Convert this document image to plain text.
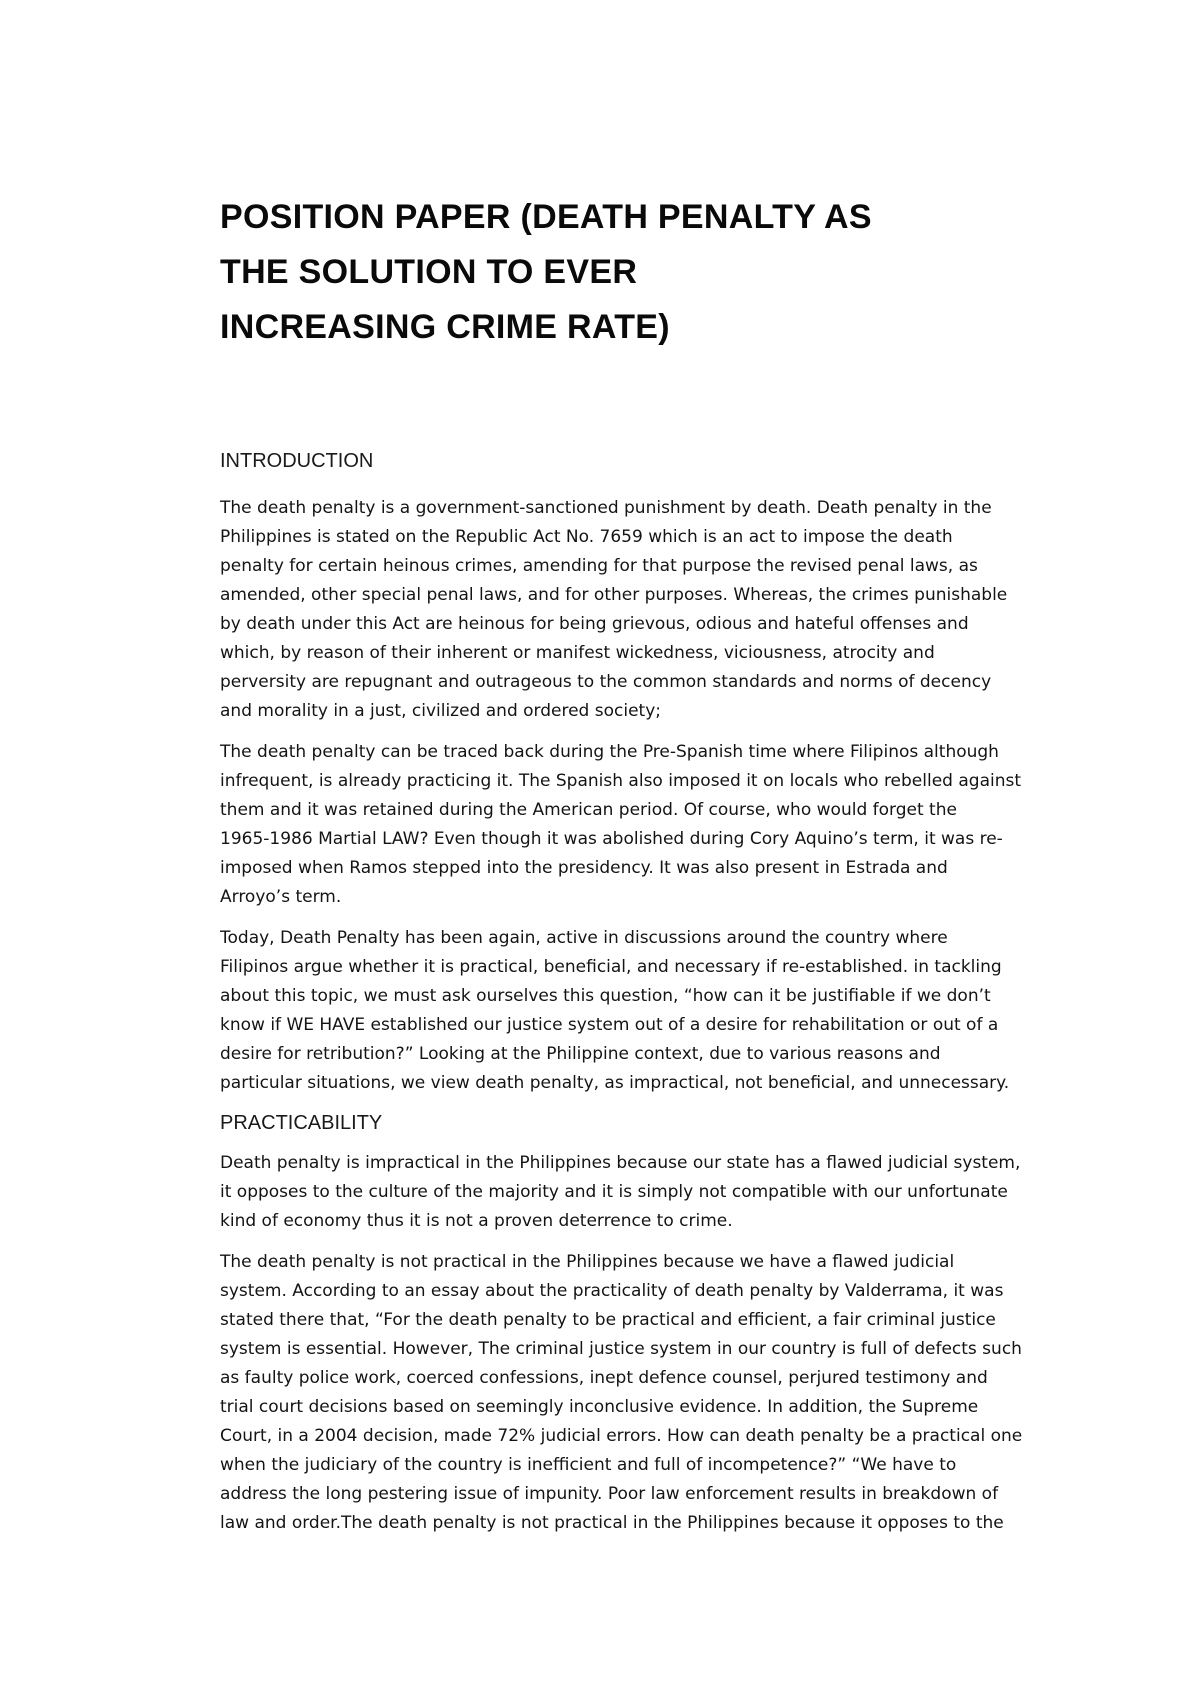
POSITION PAPER (DEATH PENALTY AS
THE SOLUTION TO EVER
INCREASING CRIME RATE)
INTRODUCTION

The death penalty is a government-sanctioned punishment by death. Death penalty in the
Philippines is stated on the Republic Act No. 7659 which is an act to impose the death
penalty for certain heinous crimes, amending for that purpose the revised penal laws, as
amended, other special penal laws, and for other purposes. Whereas, the crimes punishable
by death under this Act are heinous for being grievous, odious and hateful offenses and
which, by reason of their inherent or manifest wickedness, viciousness, atrocity and
perversity are repugnant and outrageous to the common standards and norms of decency
and morality in a just, civilized and ordered society;

The death penalty can be traced back during the Pre-Spanish time where Filipinos although
infrequent, is already practicing it. The Spanish also imposed it on locals who rebelled against
them and it was retained during the American period. Of course, who would forget the
1965-1986 Martial LAW? Even though it was abolished during Cory Aquino’s term, it was re-
imposed when Ramos stepped into the presidency. It was also present in Estrada and
Arroyo’s term.

Today, Death Penalty has been again, active in discussions around the country where
Filipinos argue whether it is practical, beneficial, and necessary if re-established. in tackling
about this topic, we must ask ourselves this question, “how can it be justifiable if we don’t
know if WE HAVE established our justice system out of a desire for rehabilitation or out of a
desire for retribution?” Looking at the Philippine context, due to various reasons and
particular situations, we view death penalty, as impractical, not beneficial, and unnecessary.

PRACTICABILITY

Death penalty is impractical in the Philippines because our state has a flawed judicial system,
it opposes to the culture of the majority and it is simply not compatible with our unfortunate
kind of economy thus it is not a proven deterrence to crime.

The death penalty is not practical in the Philippines because we have a flawed judicial
system. According to an essay about the practicality of death penalty by Valderrama, it was
stated there that, “For the death penalty to be practical and efficient, a fair criminal justice
system is essential. However, The criminal justice system in our country is full of defects such
as faulty police work, coerced confessions, inept defence counsel, perjured testimony and
trial court decisions based on seemingly inconclusive evidence. In addition, the Supreme
Court, in a 2004 decision, made 72% judicial errors. How can death penalty be a practical one
when the judiciary of the country is inefficient and full of incompetence?” “We have to
address the long pestering issue of impunity. Poor law enforcement results in breakdown of
law and order.The death penalty is not practical in the Philippines because it opposes to the
